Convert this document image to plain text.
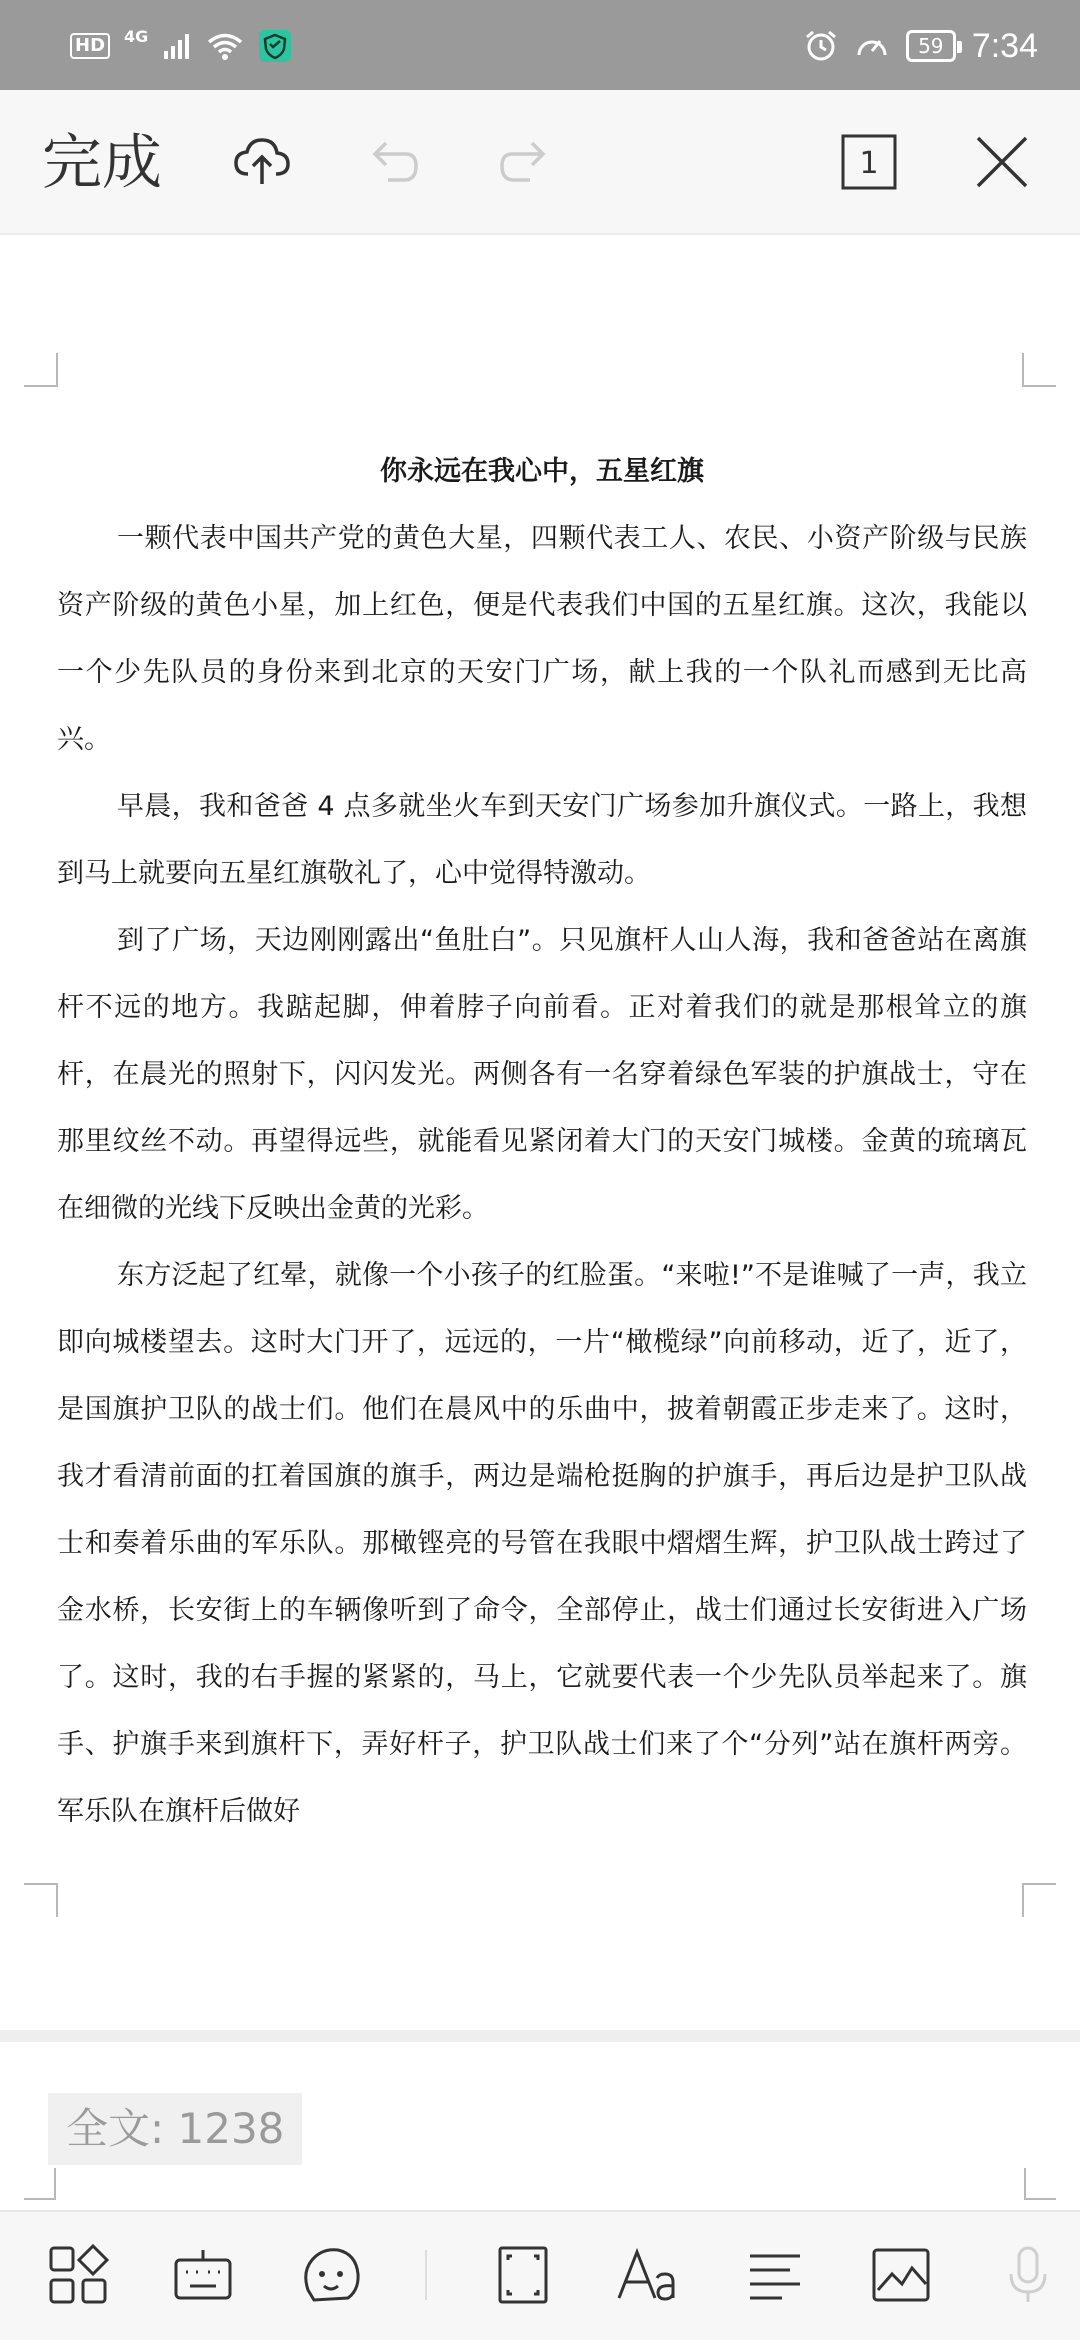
HD	4G	59 7:34
完成	1

你永远在我心中，五星红旗

一颗代表中国共产党的黄色大星，四颗代表工人、农民、小资产阶级与民族资产阶级的黄色小星，加上红色，便是代表我们中国的五星红旗。这次，我能以一个少先队员的身份来到北京的天安门广场，献上我的一个队礼而感到无比高兴。

早晨，我和爸爸 4 点多就坐火车到天安门广场参加升旗仪式。一路上，我想到马上就要向五星红旗敬礼了，心中觉得特激动。

到了广场，天边刚刚露出“鱼肚白”。只见旗杆人山人海，我和爸爸站在离旗杆不远的地方。我踮起脚，伸着脖子向前看。正对着我们的就是那根耸立的旗杆，在晨光的照射下，闪闪发光。两侧各有一名穿着绿色军装的护旗战士，守在那里纹丝不动。再望得远些，就能看见紧闭着大门的天安门城楼。金黄的琉璃瓦在细微的光线下反映出金黄的光彩。

东方泛起了红晕，就像一个小孩子的红脸蛋。“来啦!”不是谁喊了一声，我立即向城楼望去。这时大门开了，远远的，一片“橄榄绿”向前移动，近了，近了，是国旗护卫队的战士们。他们在晨风中的乐曲中，披着朝霞正步走来了。这时，我才看清前面的扛着国旗的旗手，两边是端枪挺胸的护旗手，再后边是护卫队战士和奏着乐曲的军乐队。那橄铿亮的号管在我眼中熠熠生辉，护卫队战士跨过了金水桥，长安街上的车辆像听到了命令，全部停止，战士们通过长安街进入广场了。这时，我的右手握的紧紧的，马上，它就要代表一个少先队员举起来了。旗手、护旗手来到旗杆下，弄好杆子，护卫队战士们来了个“分列”站在旗杆两旁。军乐队在旗杆后做好

全文: 1238
